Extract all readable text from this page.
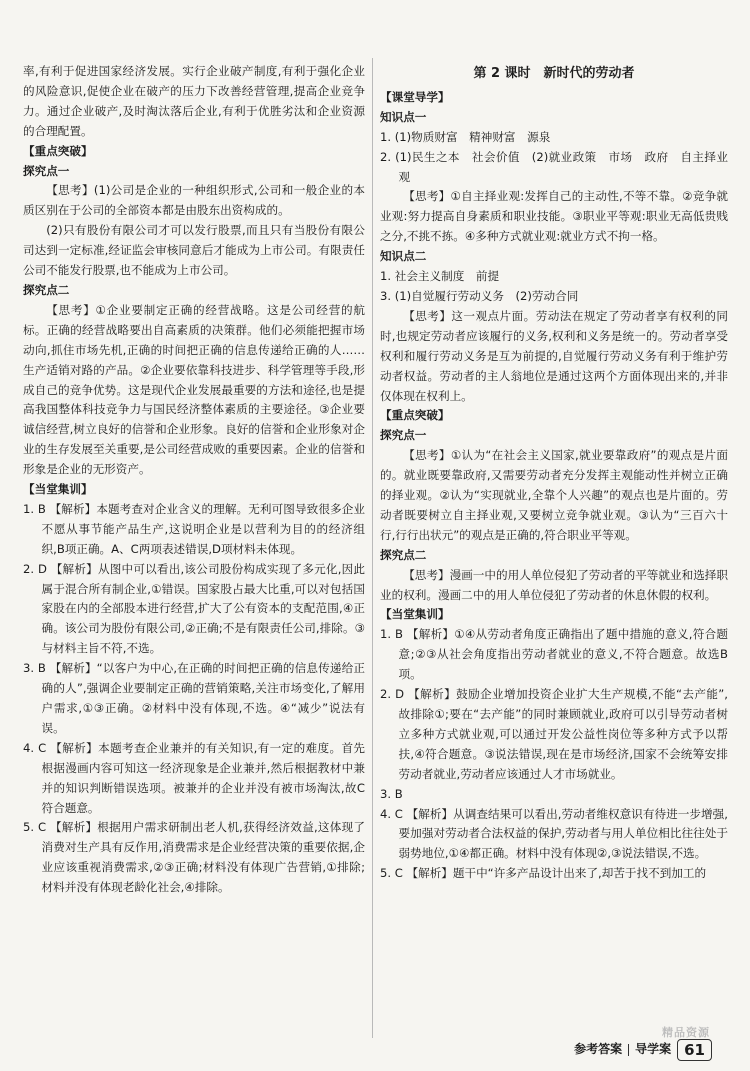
率,有利于促进国家经济发展。实行企业破产制度,有利于强化企业的风险意识,促使企业在破产的压力下改善经营管理,提高企业竞争力。通过企业破产,及时淘汰落后企业,有利于优胜劣汰和企业资源的合理配置。

【重点突破】

探究点一

【思考】(1)公司是企业的一种组织形式,公司和一般企业的本质区别在于公司的全部资本都是由股东出资构成的。

(2)只有股份有限公司才可以发行股票,而且只有当股份有限公司达到一定标准,经证监会审核同意后才能成为上市公司。有限责任公司不能发行股票,也不能成为上市公司。

探究点二

【思考】①企业要制定正确的经营战略。这是公司经营的航标。正确的经营战略要出自高素质的决策群。他们必须能把握市场动向,抓住市场先机,正确的时间把正确的信息传递给正确的人…… 生产适销对路的产品。②企业要依靠科技进步、科学管理等手段,形成自己的竞争优势。这是现代企业发展最重要的方法和途径,也是提高我国整体科技竞争力与国民经济整体素质的主要途径。③企业要诚信经营,树立良好的信誉和企业形象。良好的信誉和企业形象对企业的生存发展至关重要,是公司经营成败的重要因素。企业的信誉和形象是企业的无形资产。

【当堂集训】

1. B 【解析】本题考查对企业含义的理解。无利可图导致很多企业不愿从事节能产品生产,这说明企业是以营利为目的的经济组织,B项正确。A、C两项表述错误,D项材料未体现。

2. D 【解析】从图中可以看出,该公司股份构成实现了多元化,因此属于混合所有制企业,①错误。国家股占最大比重,可以对包括国家股在内的全部股本进行经营,扩大了公有资本的支配范围,④正确。该公司为股份有限公司,②正确;不是有限责任公司,排除。③与材料主旨不符,不选。

3. B 【解析】“以客户为中心,在正确的时间把正确的信息传递给正确的人”,强调企业要制定正确的营销策略,关注市场变化,了解用户需求,①③正确。②材料中没有体现,不选。④“减少”说法有误。

4. C 【解析】本题考查企业兼并的有关知识,有一定的难度。首先根据漫画内容可知这一经济现象是企业兼并,然后根据教材中兼并的知识判断错误选项。被兼并的企业并没有被市场淘汰,故C符合题意。

5. C 【解析】根据用户需求研制出老人机,获得经济效益,这体现了消费对生产具有反作用,消费需求是企业经营决策的重要依据,企业应该重视消费需求,②③正确;材料没有体现广告营销,①排除;材料并没有体现老龄化社会,④排除。

第 2 课时　新时代的劳动者

【课堂导学】

知识点一

1. (1)物质财富　精神财富　源泉

2. (1)民生之本　社会价值　(2)就业政策　市场　政府　自主择业观

【思考】①自主择业观:发挥自己的主动性,不等不靠。②竞争就业观:努力提高自身素质和职业技能。③职业平等观:职业无高低贵贱之分,不挑不拣。④多种方式就业观:就业方式不拘一格。

知识点二

1. 社会主义制度　前提

3. (1)自觉履行劳动义务　(2)劳动合同

【思考】这一观点片面。劳动法在规定了劳动者享有权利的同时,也规定劳动者应该履行的义务,权利和义务是统一的。劳动者享受权利和履行劳动义务是互为前提的,自觉履行劳动义务有利于维护劳动者权益。劳动者的主人翁地位是通过这两个方面体现出来的,并非仅体现在权利上。

【重点突破】

探究点一

【思考】①认为“在社会主义国家,就业要靠政府”的观点是片面的。就业既要靠政府,又需要劳动者充分发挥主观能动性并树立正确的择业观。②认为“实现就业,全靠个人兴趣”的观点也是片面的。劳动者既要树立自主择业观,又要树立竞争就业观。③认为“三百六十行,行行出状元”的观点是正确的,符合职业平等观。

探究点二

【思考】漫画一中的用人单位侵犯了劳动者的平等就业和选择职业的权利。漫画二中的用人单位侵犯了劳动者的休息休假的权利。

【当堂集训】

1. B 【解析】①④从劳动者角度正确指出了题中措施的意义,符合题意;②③从社会角度指出劳动者就业的意义,不符合题意。故选B项。

2. D 【解析】鼓励企业增加投资企业扩大生产规模,不能“去产能”,故排除①;要在“去产能”的同时兼顾就业,政府可以引导劳动者树立多种方式就业观,可以通过开发公益性岗位等多种方式予以帮扶,④符合题意。③说法错误,现在是市场经济,国家不会统筹安排劳动者就业,劳动者应该通过人才市场就业。

3. B

4. C 【解析】从调查结果可以看出,劳动者维权意识有待进一步增强,要加强对劳动者合法权益的保护,劳动者与用人单位相比往往处于弱势地位,①④都正确。材料中没有体现②,③说法错误,不选。

5. C 【解析】题干中“许多产品设计出来了,却苦于找不到加工的

精品资源
参考答案 导学案 61
